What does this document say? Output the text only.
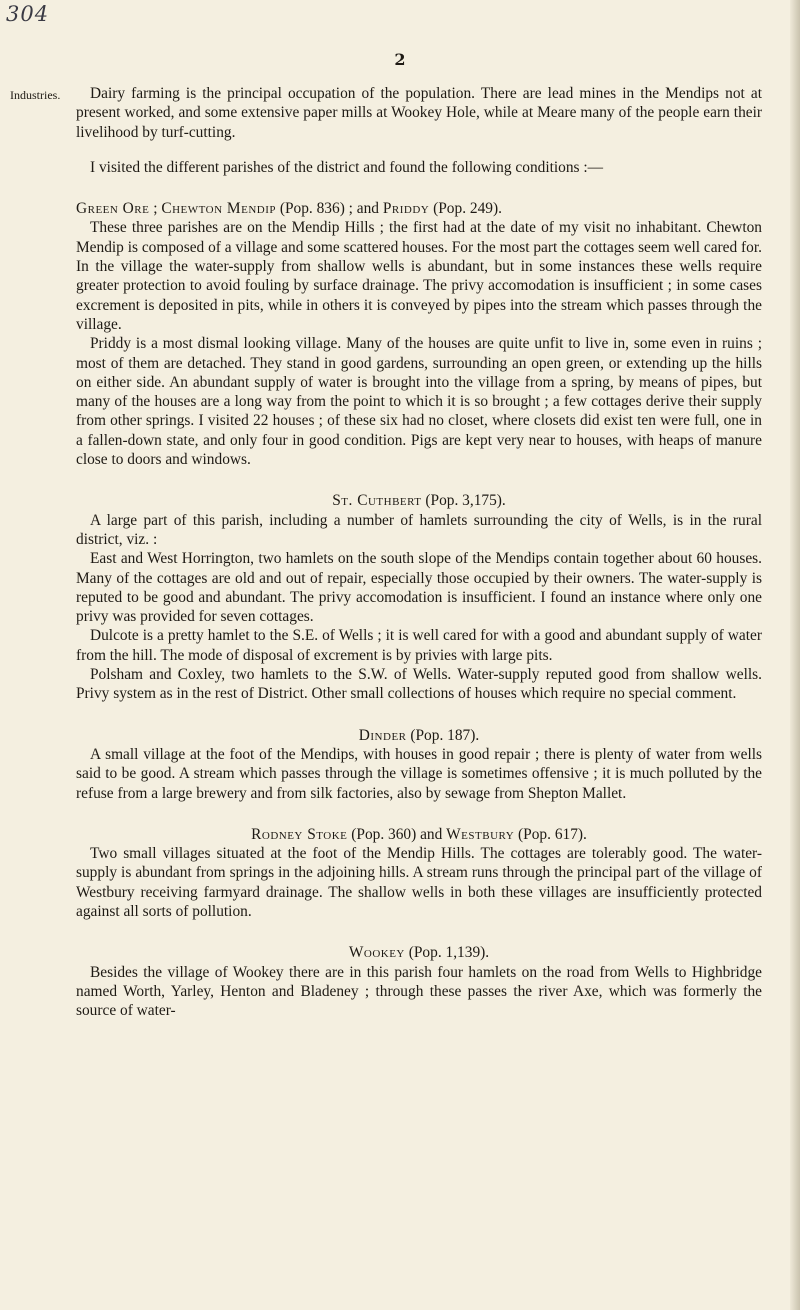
304
2
Industries.	Dairy farming is the principal occupation of the population. There are lead mines in the Mendips not at present worked, and some extensive paper mills at Wookey Hole, while at Meare many of the people earn their livelihood by turf-cutting.

I visited the different parishes of the district and found the following conditions :—

Green Ore ; Chewton Mendip (Pop. 836) ; and Priddy (Pop. 249).

These three parishes are on the Mendip Hills ; the first had at the date of my visit no inhabitant. Chewton Mendip is composed of a village and some scattered houses. For the most part the cottages seem well cared for. In the village the water-supply from shallow wells is abundant, but in some instances these wells require greater protection to avoid fouling by surface drainage. The privy accomodation is insufficient ; in some cases excrement is deposited in pits, while in others it is conveyed by pipes into the stream which passes through the village.

Priddy is a most dismal looking village. Many of the houses are quite unfit to live in, some even in ruins ; most of them are detached. They stand in good gardens, surrounding an open green, or extending up the hills on either side. An abundant supply of water is brought into the village from a spring, by means of pipes, but many of the houses are a long way from the point to which it is so brought ; a few cottages derive their supply from other springs. I visited 22 houses ; of these six had no closet, where closets did exist ten were full, one in a fallen-down state, and only four in good condition. Pigs are kept very near to houses, with heaps of manure close to doors and windows.

St. Cuthbert (Pop. 3,175).

A large part of this parish, including a number of hamlets surrounding the city of Wells, is in the rural district, viz. :

East and West Horrington, two hamlets on the south slope of the Mendips contain together about 60 houses. Many of the cottages are old and out of repair, especially those occupied by their owners. The water-supply is reputed to be good and abundant. The privy accomodation is insufficient. I found an instance where only one privy was provided for seven cottages.

Dulcote is a pretty hamlet to the S.E. of Wells ; it is well cared for with a good and abundant supply of water from the hill. The mode of disposal of excrement is by privies with large pits.

Polsham and Coxley, two hamlets to the S.W. of Wells. Water-supply reputed good from shallow wells. Privy system as in the rest of District. Other small collections of houses which require no special comment.

Dinder (Pop. 187).

A small village at the foot of the Mendips, with houses in good repair ; there is plenty of water from wells said to be good. A stream which passes through the village is sometimes offensive ; it is much polluted by the refuse from a large brewery and from silk factories, also by sewage from Shepton Mallet.

Rodney Stoke (Pop. 360) and Westbury (Pop. 617).

Two small villages situated at the foot of the Mendip Hills. The cottages are tolerably good. The water-supply is abundant from springs in the adjoining hills. A stream runs through the principal part of the village of Westbury receiving farmyard drainage. The shallow wells in both these villages are insufficiently protected against all sorts of pollution.

Wookey (Pop. 1,139).

Besides the village of Wookey there are in this parish four hamlets on the road from Wells to Highbridge named Worth, Yarley, Henton and Bladeney ; through these passes the river Axe, which was formerly the source of water-
